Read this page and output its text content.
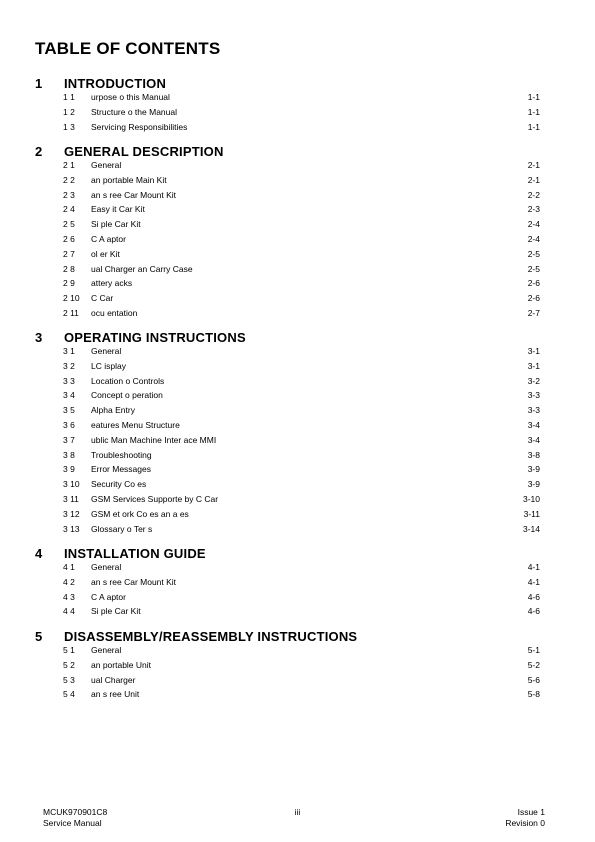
TABLE OF CONTENTS
1 INTRODUCTION
1 1 urpose o this Manual	1-1
1 2 Structure o the Manual	1-1
1 3 Servicing Responsibilities	1-1
2 GENERAL DESCRIPTION
2 1 General	2-1
2 2 an portable Main Kit	2-1
2 3 an s ree Car Mount Kit	2-2
2 4 Easy it Car Kit	2-3
2 5 Si ple Car Kit	2-4
2 6 C A aptor	2-4
2 7 ol er Kit	2-5
2 8 ual Charger an Carry Case	2-5
2 9 attery acks	2-6
2 10 C Car	2-6
2 11 ocu entation	2-7
3 OPERATING INSTRUCTIONS
3 1 General	3-1
3 2 LC isplay	3-1
3 3 Location o Controls	3-2
3 4 Concept o peration	3-3
3 5 Alpha Entry	3-3
3 6 eatures Menu Structure	3-4
3 7 ublic Man Machine Inter ace MMI	3-4
3 8 Troubleshooting	3-8
3 9 Error Messages	3-9
3 10 Security Co es	3-9
3 11 GSM Services Supporte by C Car	3-10
3 12 GSM et ork Co es an a es	3-11
3 13 Glossary o Ter s	3-14
4 INSTALLATION GUIDE
4 1 General	4-1
4 2 an s ree Car Mount Kit	4-1
4 3 C A aptor	4-6
4 4 Si ple Car Kit	4-6
5 DISASSEMBLY/REASSEMBLY INSTRUCTIONS
5 1 General	5-1
5 2 an portable Unit	5-2
5 3 ual Charger	5-6
5 4 an s ree Unit	5-8
MCUK970901C8
Service Manual
iii	Issue 1
Revision 0
